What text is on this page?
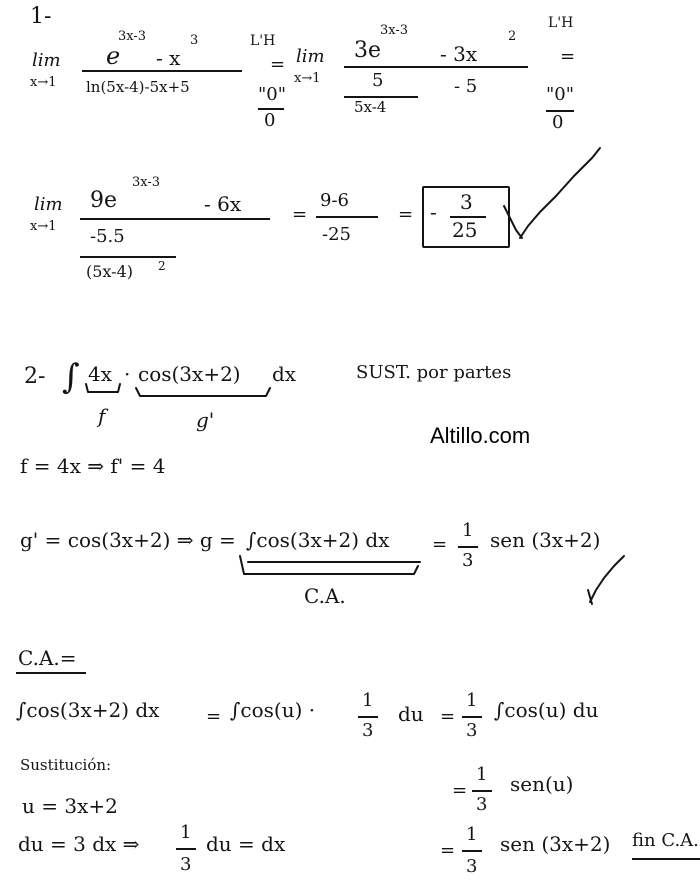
1-
lim
x→1
e
3x-3
- x
3
ln(5x-4)-5x+5
L'H
=
"0"
0
lim
x→1
3e
3x-3
- 3x
2
5
5x-4
- 5
L'H
=
"0"
0
lim
x→1
9e
3x-3
- 6x
-5.5
(5x-4) 2
=
9-6
-25
= - 3
25
2- ∫ 4x · cos(3x+2) dx
f	g'
SUST. por partes
Altillo.com
f = 4x ⇒ f' = 4
g' = cos(3x+2) ⇒ g = ∫cos(3x+2) dx =
1
3
sen (3x+2)
C.A.
C.A.=
∫cos(3x+2) dx	= ∫cos(u) ·	1
3
du =
1
3
∫cos(u) du
Sustitución:
u = 3x+2
=
1
3
sen(u)
du = 3 dx ⇒ 1
3
du = dx	=
1
3
sen (3x+2) fin C.A.
